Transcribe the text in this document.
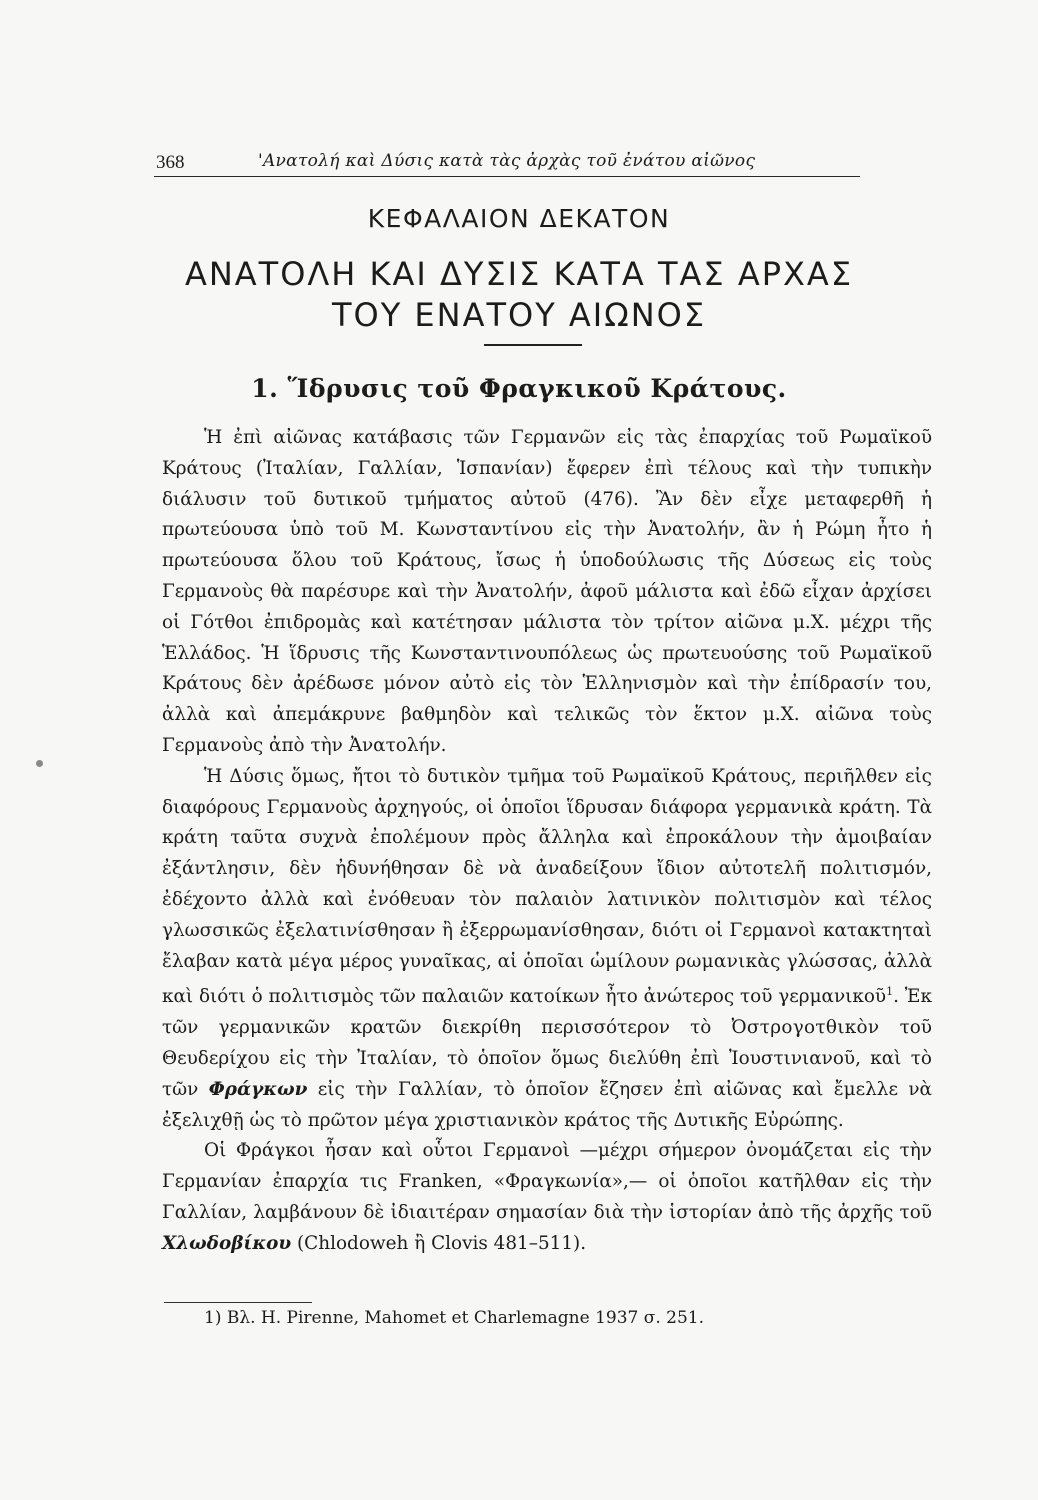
368	'Ανατολή καὶ Δύσις κατὰ τὰς ἀρχὰς τοῦ ἐνάτου αἰῶνος
ΚΕΦΑΛΑΙΟΝ ΔΕΚΑΤΟΝ
ΑΝΑΤΟΛΗ ΚΑΙ ΔΥΣΙΣ ΚΑΤΑ ΤΑΣ ΑΡΧΑΣ
ΤΟΥ ΕΝΑΤΟΥ ΑΙΩΝΟΣ
1. Ἵδρυσις τοῦ Φραγκικοῦ Κράτους.

Ἡ ἐπὶ αἰῶνας κατάβασις τῶν Γερμανῶν εἰς τὰς ἐπαρχίας τοῦ Ρωμαϊκοῦ Κράτους (Ἰταλίαν, Γαλλίαν, Ἱσπανίαν) ἔφερεν ἐπὶ τέλους καὶ τὴν τυπικὴν διάλυσιν τοῦ δυτικοῦ τμήματος αὐτοῦ (476). Ἂν δὲν εἶχε μεταφερθῆ ἡ πρωτεύουσα ὑπὸ τοῦ Μ. Κωνσταντίνου εἰς τὴν Ἀνατολήν, ἂν ἡ Ρώμη ἦτο ἡ πρωτεύουσα ὅλου τοῦ Κράτους, ἴσως ἡ ὑποδούλωσις τῆς Δύσεως εἰς τοὺς Γερμανοὺς θὰ παρέσυρε καὶ τὴν Ἀνατολήν, ἀφοῦ μάλιστα καὶ ἐδῶ εἶχαν ἀρχίσει οἱ Γότθοι ἐπιδρομὰς καὶ κατέτησαν μάλιστα τὸν τρίτον αἰῶνα μ.Χ. μέχρι τῆς Ἑλλάδος. Ἡ ἵδρυσις τῆς Κωνσταντινουπόλεως ὡς πρωτευούσης τοῦ Ρωμαϊκοῦ Κράτους δὲν ἀρέδωσε μόνον αὐτὸ εἰς τὸν Ἑλληνισμὸν καὶ τὴν ἐπίδρασίν του, ἀλλὰ καὶ ἀπεμάκρυνε βαθμηδὸν καὶ τελικῶς τὸν ἕκτον μ.Χ. αἰῶνα τοὺς Γερμανοὺς ἀπὸ τὴν Ἀνατολήν.

Ἡ Δύσις ὅμως, ἤτοι τὸ δυτικὸν τμῆμα τοῦ Ρωμαϊκοῦ Κράτους, περιῆλθεν εἰς διαφόρους Γερμανοὺς ἀρχηγούς, οἱ ὁποῖοι ἵδρυσαν διάφορα γερμανικὰ κράτη. Τὰ κράτη ταῦτα συχνὰ ἐπολέμουν πρὸς ἄλληλα καὶ ἐπροκάλουν τὴν ἀμοιβαίαν ἐξάντλησιν, δὲν ἠδυνήθησαν δὲ νὰ ἀναδείξουν ἴδιον αὐτοτελῆ πολιτισμόν, ἐδέχοντο ἀλλὰ καὶ ἐνόθευαν τὸν παλαιὸν λατινικὸν πολιτισμὸν καὶ τέλος γλωσσικῶς ἐξελατινίσθησαν ἢ ἐξερρωμανίσθησαν, διότι οἱ Γερμανοὶ κατακτηταὶ ἔλαβαν κατὰ μέγα μέρος γυναῖκας, αἱ ὁποῖαι ὡμίλουν ρωμανικὰς γλώσσας, ἀλλὰ καὶ διότι ὁ πολιτισμὸς τῶν παλαιῶν κατοίκων ἦτο ἀνώτερος τοῦ γερμανικοῦ$^1$. Ἐκ τῶν γερμανικῶν κρατῶν διεκρίθη περισσότερον τὸ Ὀστρογοτθικὸν τοῦ Θευδερίχου εἰς τὴν Ἰταλίαν, τὸ ὁποῖον ὅμως διελύθη ἐπὶ Ἰουστινιανοῦ, καὶ τὸ τῶν Φράγκων εἰς τὴν Γαλλίαν, τὸ ὁποῖον ἔζησεν ἐπὶ αἰῶνας καὶ ἔμελλε νὰ ἐξελιχθῇ ὡς τὸ πρῶτον μέγα χριστιανικὸν κράτος τῆς Δυτικῆς Εὐρώπης.

Οἱ Φράγκοι ἦσαν καὶ οὗτοι Γερμανοὶ —μέχρι σήμερον ὀνομάζεται εἰς τὴν Γερμανίαν ἐπαρχία τις Franken, «Φραγκωνία»,— οἱ ὁποῖοι κατῆλθαν εἰς τὴν Γαλλίαν, λαμβάνουν δὲ ἰδιαιτέραν σημασίαν διὰ τὴν ἱστορίαν ἀπὸ τῆς ἀρχῆς τοῦ Χλωδοβίκου (Chlodoweh ἢ Clovis 481–511).

1) Βλ. H. Pirenne, Mahomet et Charlemagne 1937 σ. 251.
